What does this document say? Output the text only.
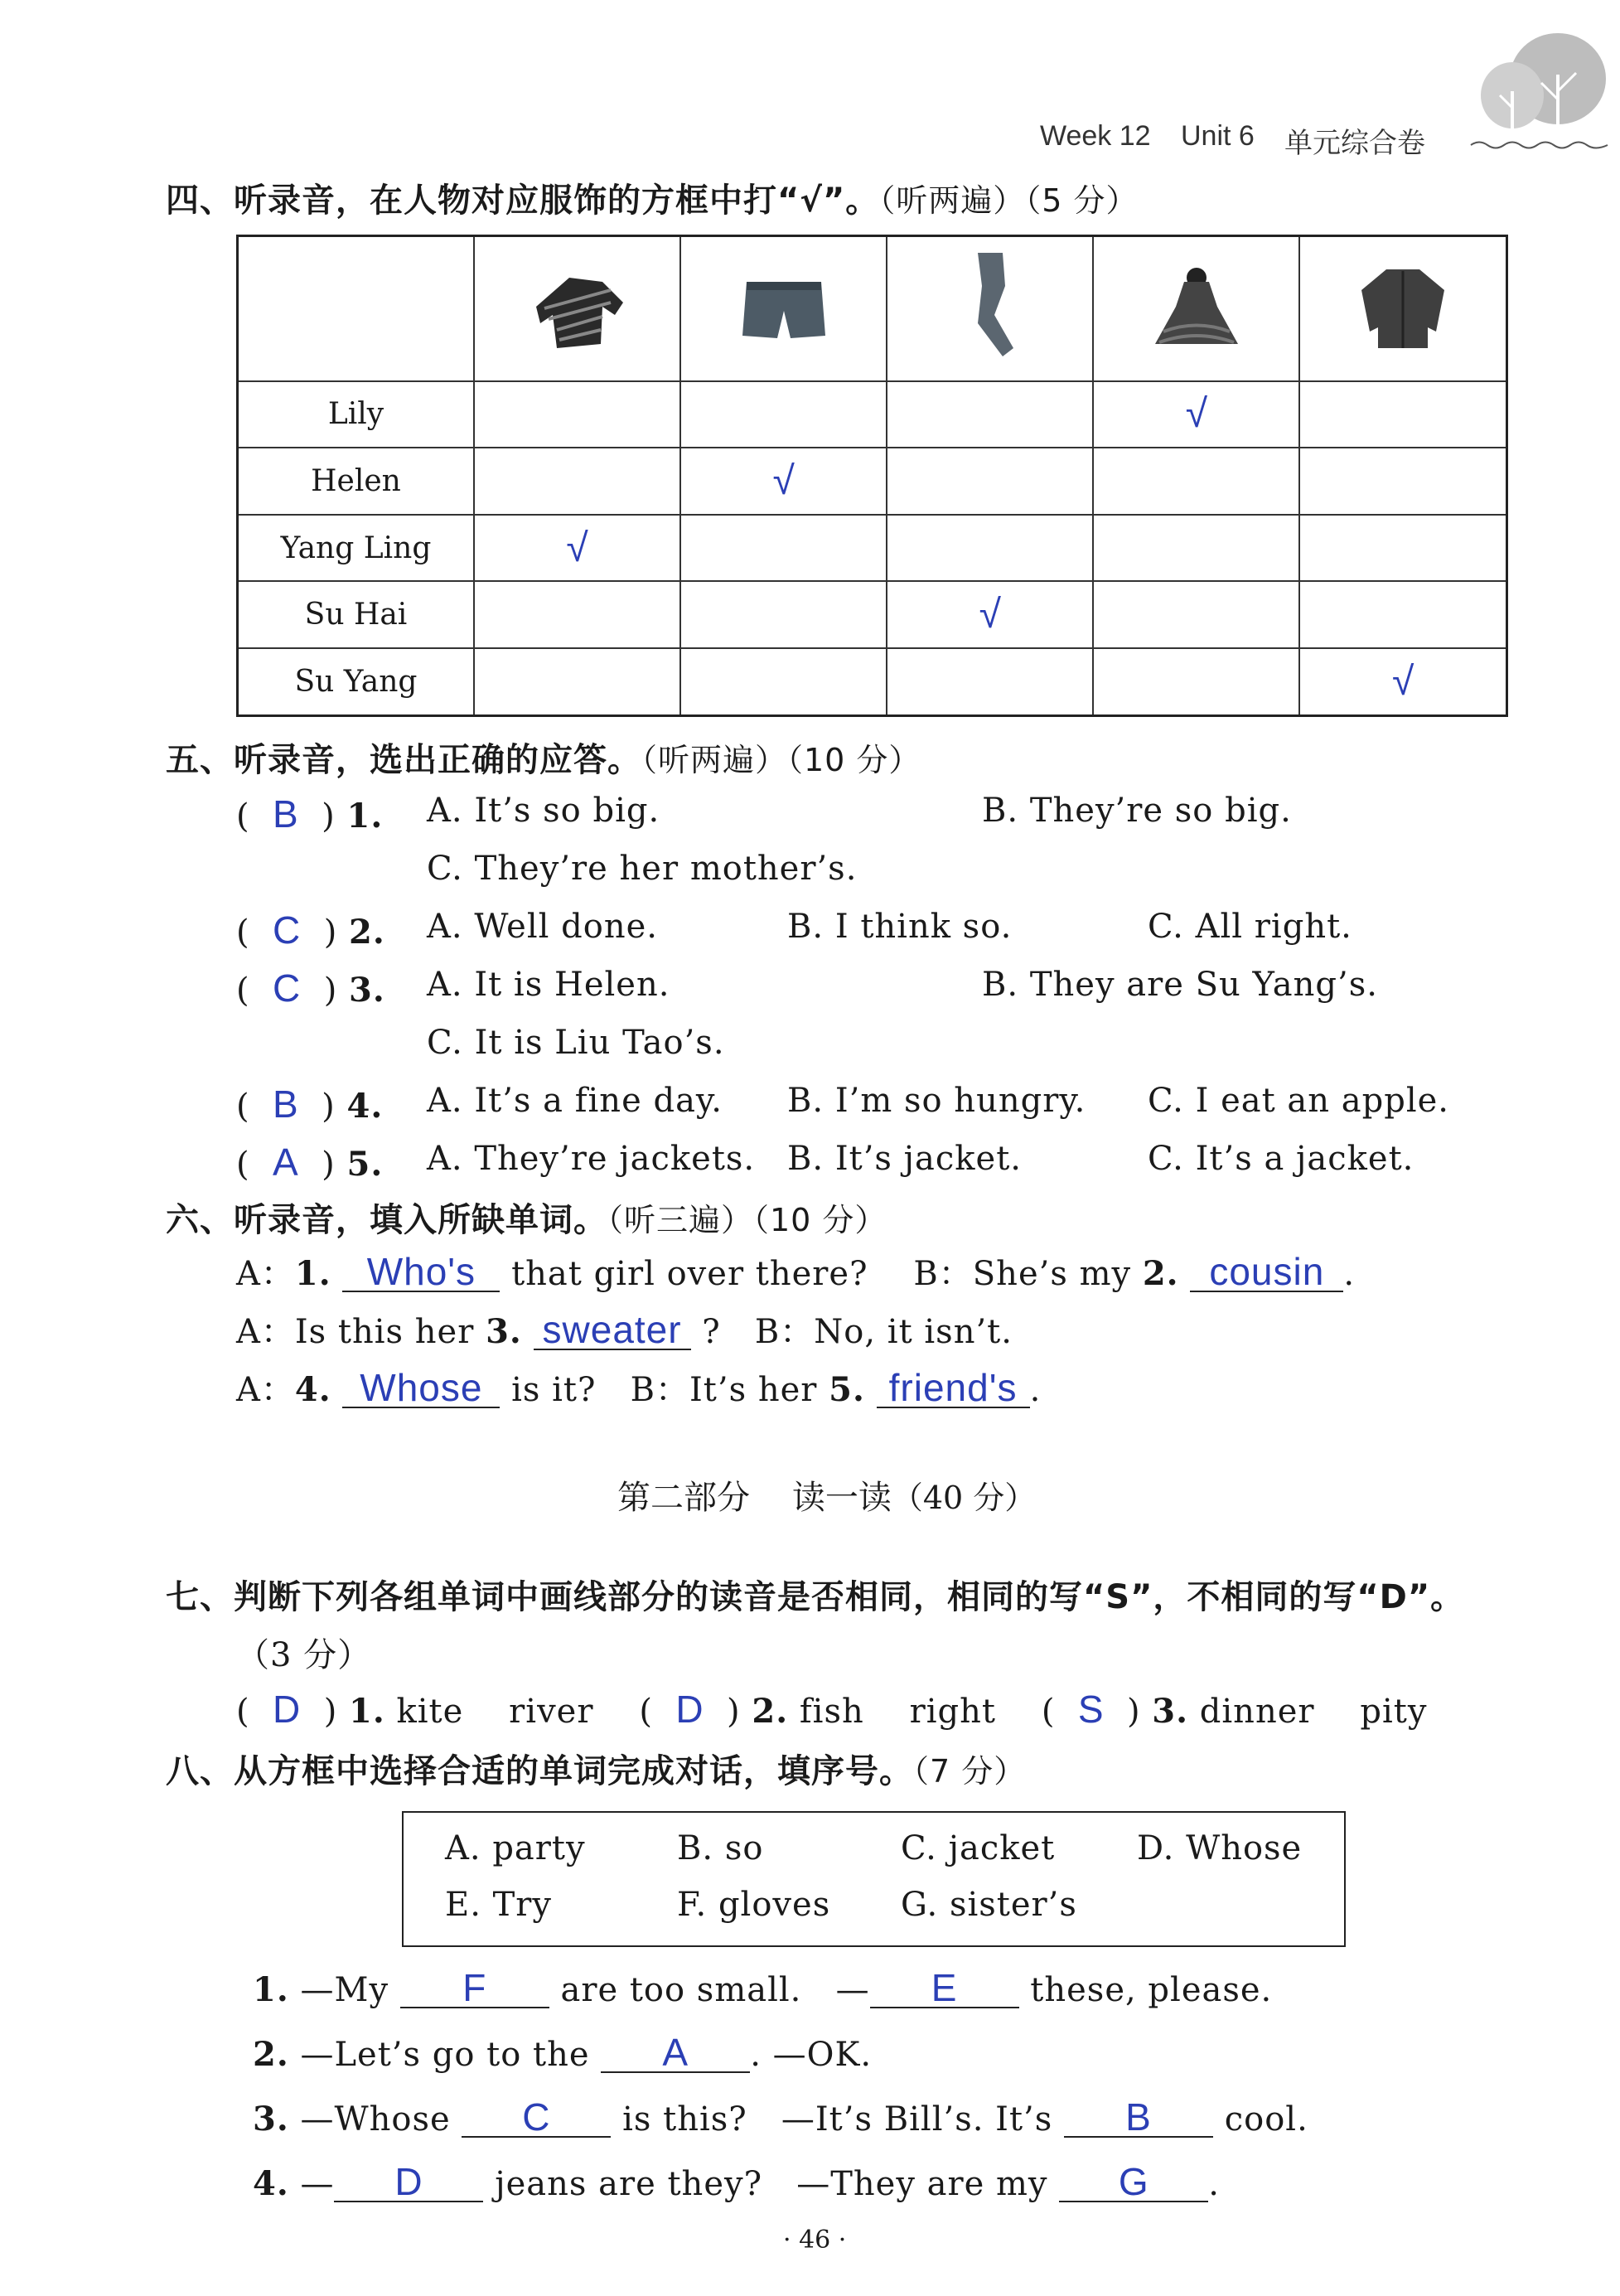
Week 12 Unit 6 单元综合卷
四、听录音，在人物对应服饰的方框中打“√”。（听两遍）（5 分）

Lily				√	
Helen		√			
Yang Ling	√				
Su Hai			√		
Su Yang					√
五、听录音，选出正确的应答。（听两遍）（10 分）
(  B  ) 1. A. It’s so big.	B. They’re so big.
C. They’re her mother’s.
(  C  ) 2. A. Well done.	B. I think so.	C. All right.
(  C  ) 3. A. It is Helen.	B. They are Su Yang’s.
C. It is Liu Tao’s.
(  B  ) 4. A. It’s a fine day. B. I’m so hungry. C. I eat an apple.
(  A  ) 5. A. They’re jackets. B. It’s jacket.	C. It’s a jacket.
六、听录音，填入所缺单词。（听三遍）（10 分）
A：1. Who's that girl over there? B：She’s my 2. cousin .
A：Is this her 3. sweater ? B：No, it isn’t.
A：4. Whose is it? B：It’s her 5. friend's .
第二部分 读一读（40 分）
七、判断下列各组单词中画线部分的读音是否相同，相同的写“S”，不相同的写“D”。
（3 分）
(  D  ) 1. kite river    (  D  ) 2. fish right    (  S  ) 3. dinner pity
八、从方框中选择合适的单词完成对话，填序号。（7 分）
A. party	B. so	C. jacket D. Whose
E. Try	F. gloves G. sister’s
1. —My F are too small. — E these, please.
2. —Let’s go to the A . —OK.
3. —Whose C is this? —It’s Bill’s. It’s B cool.
4. — D jeans are they? —They are my G .
· 46 ·
